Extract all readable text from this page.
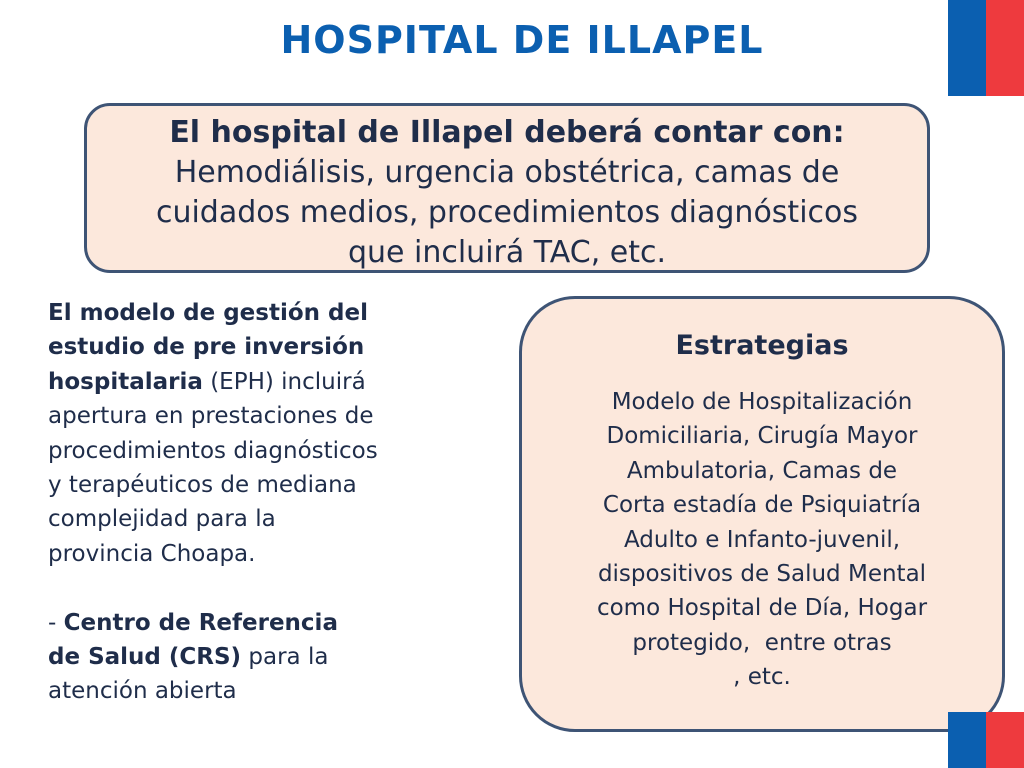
HOSPITAL DE ILLAPEL
El hospital de Illapel deberá contar con:
Hemodiálisis, urgencia obstétrica, camas de
cuidados medios, procedimientos diagnósticos
que incluirá TAC, etc.
El modelo de gestión del
estudio de pre inversión
hospitalaria (EPH) incluirá
apertura en prestaciones de
procedimientos diagnósticos
y terapéuticos de mediana
complejidad para la
provincia Choapa.
- Centro de Referencia
de Salud (CRS) para la
atención abierta
Estrategias
Modelo de Hospitalización
Domiciliaria, Cirugía Mayor
Ambulatoria, Camas de
Corta estadía de Psiquiatría
Adulto e Infanto-juvenil,
dispositivos de Salud Mental
como Hospital de Día, Hogar
protegido,  entre otras
, etc.
